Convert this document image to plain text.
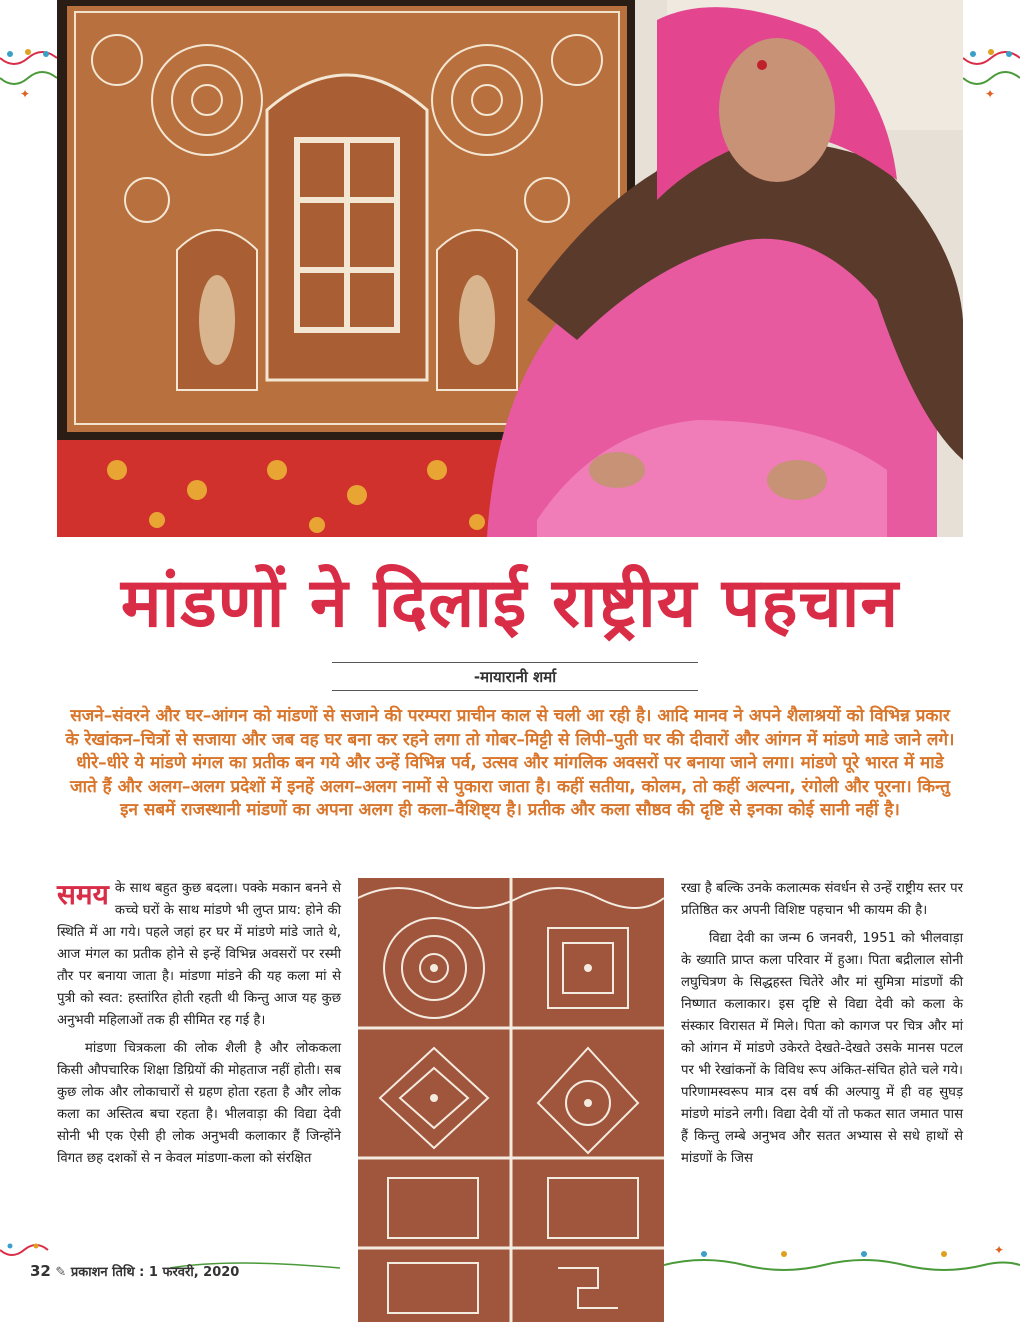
✦	✦
✦
मांडणों ने दिलाई राष्ट्रीय पहचान
-मायारानी शर्मा
सजने–संवरने और घर–आंगन को मांडणों से सजाने की परम्परा प्राचीन काल से चली आ रही है। आदि मानव ने अपने शैलाश्रयों को विभिन्न प्रकार के रेखांकन–चित्रों से सजाया और जब वह घर बना कर रहने लगा तो गोबर–मिट्टी से लिपी–पुती घर की दीवारों और आंगन में मांडणे माडे जाने लगे। धीरे–धीरे ये मांडणे मंगल का प्रतीक बन गये और उन्हें विभिन्न पर्व, उत्सव और मांगलिक अवसरों पर बनाया जाने लगा। मांडणे पूरे भारत में माडे जाते हैं और अलग–अलग प्रदेशों में इनहें अलग–अलग नामों से पुकारा जाता है। कहीं सतीया, कोलम, तो कहीं अल्पना, रंगोली और पूरना। किन्तु इन सबमें राजस्थानी मांडणों का अपना अलग ही कला–वैशिष्ट्य है। प्रतीक और कला सौष्ठव की दृष्टि से इनका कोई सानी नहीं है।

समय के साथ बहुत कुछ बदला। पक्के मकान बनने से कच्चे घरों के साथ मांडणे भी लुप्त प्राय: होने की स्थिति में आ गये। पहले जहां हर घर में मांडणे मांडे जाते थे, आज मंगल का प्रतीक होने से इन्हें विभिन्न अवसरों पर रस्मी तौर पर बनाया जाता है। मांडणा मांडने की यह कला मां से पुत्री को स्वत: हस्तांरित होती रहती थी किन्तु आज यह कुछ अनुभवी महिलाओं तक ही सीमित रह गई है।

मांडणा चित्रकला की लोक शैली है और लोककला किसी औपचारिक शिक्षा डिग्रियों की मोहताज नहीं होती। सब कुछ लोक और लोकाचारों से ग्रहण होता रहता है और लोक कला का अस्तित्व बचा रहता है। भीलवाड़ा की विद्या देवी सोनी भी एक ऐसी ही लोक अनुभवी कलाकार हैं जिन्होंने विगत छह दशकों से न केवल मांडणा-कला को संरक्षित

रखा है बल्कि उनके कलात्मक संवर्धन से उन्हें राष्ट्रीय स्तर पर प्रतिष्ठित कर अपनी विशिष्ट पहचान भी कायम की है।

विद्या देवी का जन्म 6 जनवरी, 1951 को भीलवाड़ा के ख्याति प्राप्त कला परिवार में हुआ। पिता बद्रीलाल सोनी लघुचित्रण के सिद्धहस्त चितेरे और मां सुमित्रा मांडणों की निष्णात कलाकार। इस दृष्टि से विद्या देवी को कला के संस्कार विरासत में मिले। पिता को कागज पर चित्र और मां को आंगन में मांडणे उकेरते देखते-देखते उसके मानस पटल पर भी रेखांकनों के विविध रूप अंकित-संचित होते चले गये। परिणामस्वरूप मात्र दस वर्ष की अल्पायु में ही वह सुघड़ मांडणे मांडने लगी। विद्या देवी यों तो फकत सात जमात पास हैं किन्तु लम्बे अनुभव और सतत अभ्यास से सधे हाथों से मांडणों के जिस

32 ✎ प्रकाशन तिथि : 1 फरवरी, 2020
